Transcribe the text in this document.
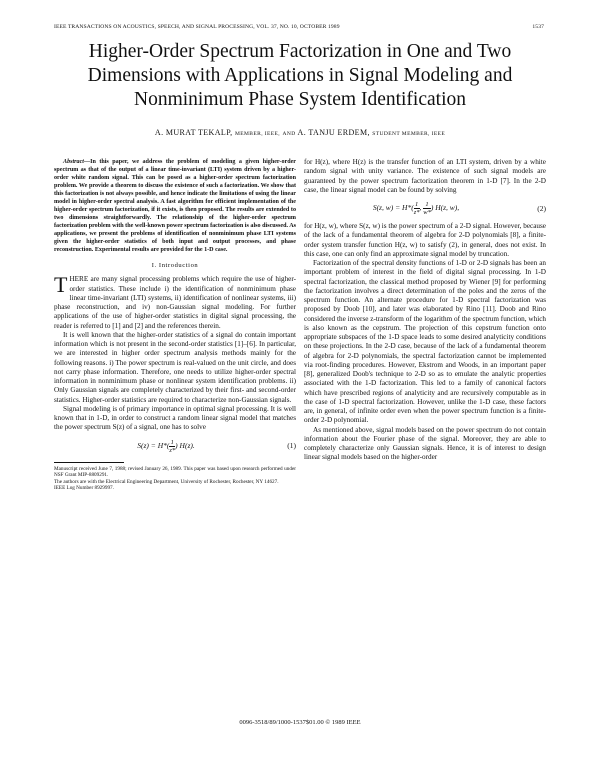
IEEE TRANSACTIONS ON ACOUSTICS, SPEECH, AND SIGNAL PROCESSING, VOL. 37, NO. 10, OCTOBER 1989	1537
Higher-Order Spectrum Factorization in One and Two
Dimensions with Applications in Signal Modeling and
Nonminimum Phase System Identification
A. MURAT TEKALP, MEMBER, IEEE, AND A. TANJU ERDEM, STUDENT MEMBER, IEEE

Abstract—In this paper, we address the problem of modeling a given higher-order spectrum as that of the output of a linear time-invariant (LTI) system driven by a higher-order white random signal. This can be posed as a higher-order spectrum factorization problem. We provide a theorem to discuss the existence of such a factorization. We show that this factorization is not always possible, and hence indicate the limitations of using the linear model in higher-order spectral analysis. A fast algorithm for efficient implementation of the higher-order spectrum factorization, if it exists, is then proposed. The results are extended to two dimensions straightforwardly. The relationship of the higher-order spectrum factorization problem with the well-known power spectrum factorization is also discussed. As applications, we present the problems of identification of nonminimum phase LTI systems given the higher-order statistics of both input and output processes, and phase reconstruction. Experimental results are provided for the 1-D case.

I. Introduction

THERE are many signal processing problems which require the use of higher-order statistics. These include i) the identification of nonminimum phase linear time-invariant (LTI) systems, ii) identification of nonlinear systems, iii) phase reconstruction, and iv) non-Gaussian signal modeling. For further applications of the use of higher-order statistics in digital signal processing, the reader is referred to [1] and [2] and the references therein.

It is well known that the higher-order statistics of a signal do contain important information which is not present in the second-order statistics [1]–[6]. In particular, we are interested in higher order spectrum analysis methods mainly for the following reasons. i) The power spectrum is real-valued on the unit circle, and does not carry phase information. Therefore, one needs to utilize higher-order spectral information in nonminimum phase or nonlinear system identification problems. ii) Only Gaussian signals are completely characterized by their first- and second-order statistics. Higher-order statistics are required to characterize non-Gaussian signals.

Signal modeling is of primary importance in optimal signal processing. It is well known that in 1-D, in order to construct a random linear signal model that matches the power spectrum S(z) of a signal, one has to solve

$S(z) = H*( \frac{1}{z*}$ ) H(z).	(1)

Manuscript received June 7, 1988; revised January 26, 1989. This paper was based upon research performed under NSF Grant MIP-8809291.

The authors are with the Electrical Engineering Department, University of Rochester, Rochester, NY 14627.

IEEE Log Number 8929997.

for H(z), where H(z) is the transfer function of an LTI system, driven by a white random signal with unity variance. The existence of such signal models are guaranteed by the power spectrum factorization theorem in 1-D [7]. In the 2-D case, the linear signal model can be found by solving

S(z, $w) = H*( \frac{1}{z*}$ , $\frac{1}{w*}$ ) H(z, w),	(2)

for H(z, w), where S(z, w) is the power spectrum of a 2-D signal. However, because of the lack of a fundamental theorem of algebra for 2-D polynomials [8], a finite-order system transfer function H(z, w) to satisfy (2), in general, does not exist. In this case, one can only find an approximate signal model by truncation.

Factorization of the spectral density functions of 1-D or 2-D signals has been an important problem of interest in the field of digital signal processing. In 1-D spectral factorization, the classical method proposed by Wiener [9] for performing the factorization involves a direct determination of the poles and the zeros of the spectrum function. An alternate procedure for 1-D spectral factorization was proposed by Doob [10], and later was elaborated by Rino [11]. Doob and Rino considered the inverse z-transform of the logarithm of the spectrum function, which is also known as the cepstrum. The projection of this cepstrum function onto appropriate subspaces of the 1-D space leads to some desired analyticity conditions on these projections. In the 2-D case, because of the lack of a fundamental theorem of algebra for 2-D polynomials, the spectral factorization cannot be implemented via root-finding procedures. However, Ekstrom and Woods, in an important paper [8], generalized Doob's technique to 2-D so as to emulate the analytic properties associated with the 1-D factorization. This led to a family of canonical factors which have prescribed regions of analyticity and are recursively computable as in the case of 1-D spectral factorization. However, unlike the 1-D case, these factors are, in general, of infinite order even when the power spectrum function is a finite-order 2-D polynomial.

As mentioned above, signal models based on the power spectrum do not contain information about the Fourier phase of the signal. Moreover, they are able to completely characterize only Gaussian signals. Hence, it is of interest to design linear signal models based on the higher-order

0096-3518/89/1000-1537$01.00 © 1989 IEEE
